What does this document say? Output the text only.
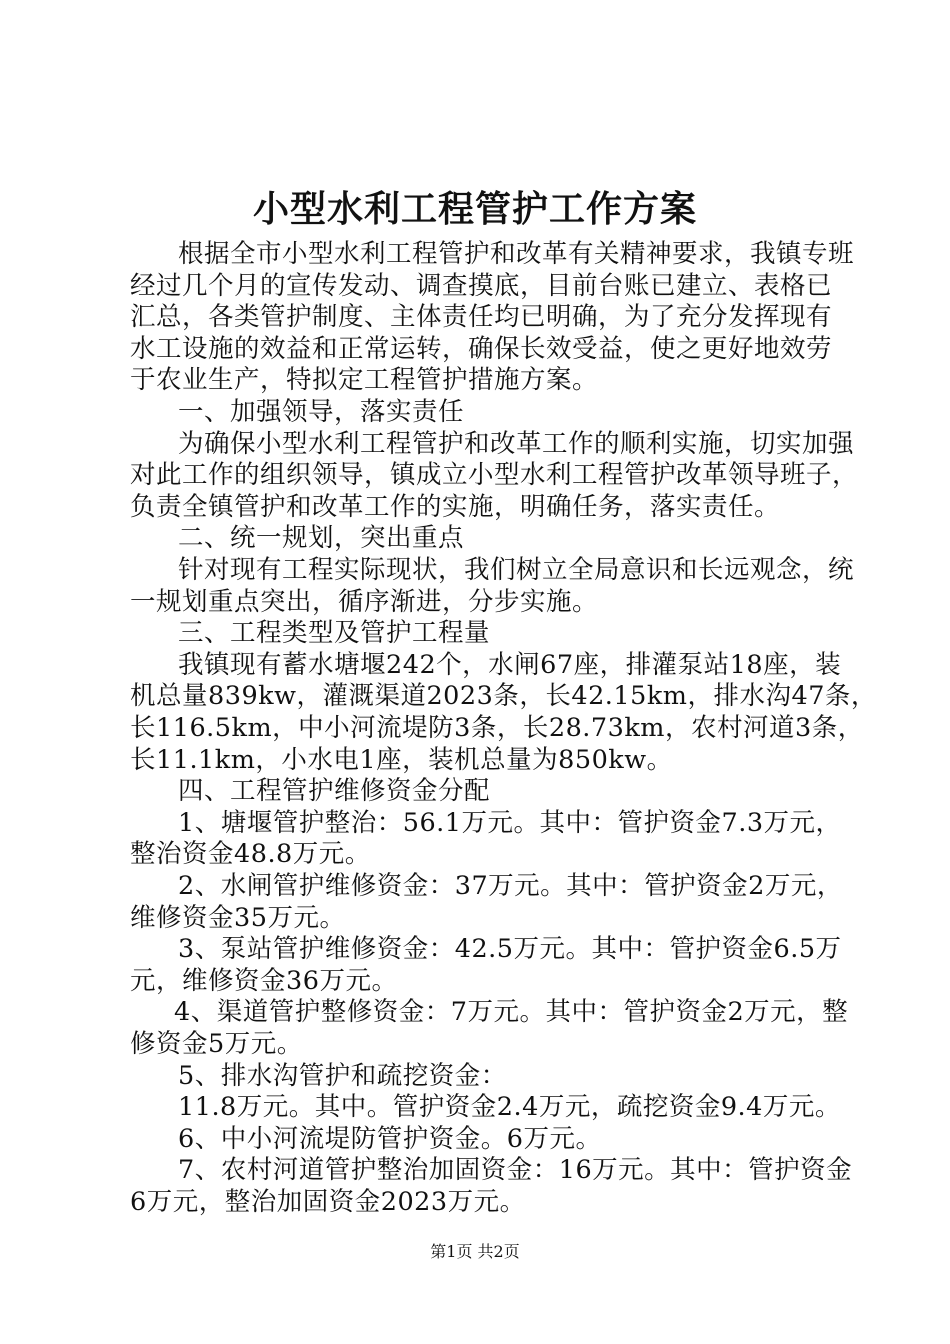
小型水利工程管护工作方案
根据全市小型水利工程管护和改革有关精神要求，我镇专班
经过几个月的宣传发动、调查摸底，目前台账已建立、表格已
汇总，各类管护制度、主体责任均已明确，为了充分发挥现有
水工设施的效益和正常运转，确保长效受益，使之更好地效劳
于农业生产，特拟定工程管护措施方案。
一、加强领导，落实责任
为确保小型水利工程管护和改革工作的顺利实施，切实加强
对此工作的组织领导，镇成立小型水利工程管护改革领导班子，
负责全镇管护和改革工作的实施，明确任务，落实责任。
二、统一规划，突出重点
针对现有工程实际现状，我们树立全局意识和长远观念，统
一规划重点突出，循序渐进，分步实施。
三、工程类型及管护工程量
我镇现有蓄水塘堰242个，水闸67座，排灌泵站18座，装
机总量839kw，灌溉渠道2023条，长42.15km，排水沟47条，
长116.5km，中小河流堤防3条，长28.73km，农村河道3条，
长11.1km，小水电1座，装机总量为850kw。
四、工程管护维修资金分配
1、塘堰管护整治：56.1万元。其中：管护资金7.3万元，
整治资金48.8万元。
2、水闸管护维修资金：37万元。其中：管护资金2万元，
维修资金35万元。
3、泵站管护维修资金：42.5万元。其中：管护资金6.5万
元，维修资金36万元。
4、渠道管护整修资金：7万元。其中：管护资金2万元，整
修资金5万元。
5、排水沟管护和疏挖资金：
11.8万元。其中。管护资金2.4万元，疏挖资金9.4万元。
6、中小河流堤防管护资金。6万元。
7、农村河道管护整治加固资金：16万元。其中：管护资金
6万元，整治加固资金2023万元。
第1页 共2页
